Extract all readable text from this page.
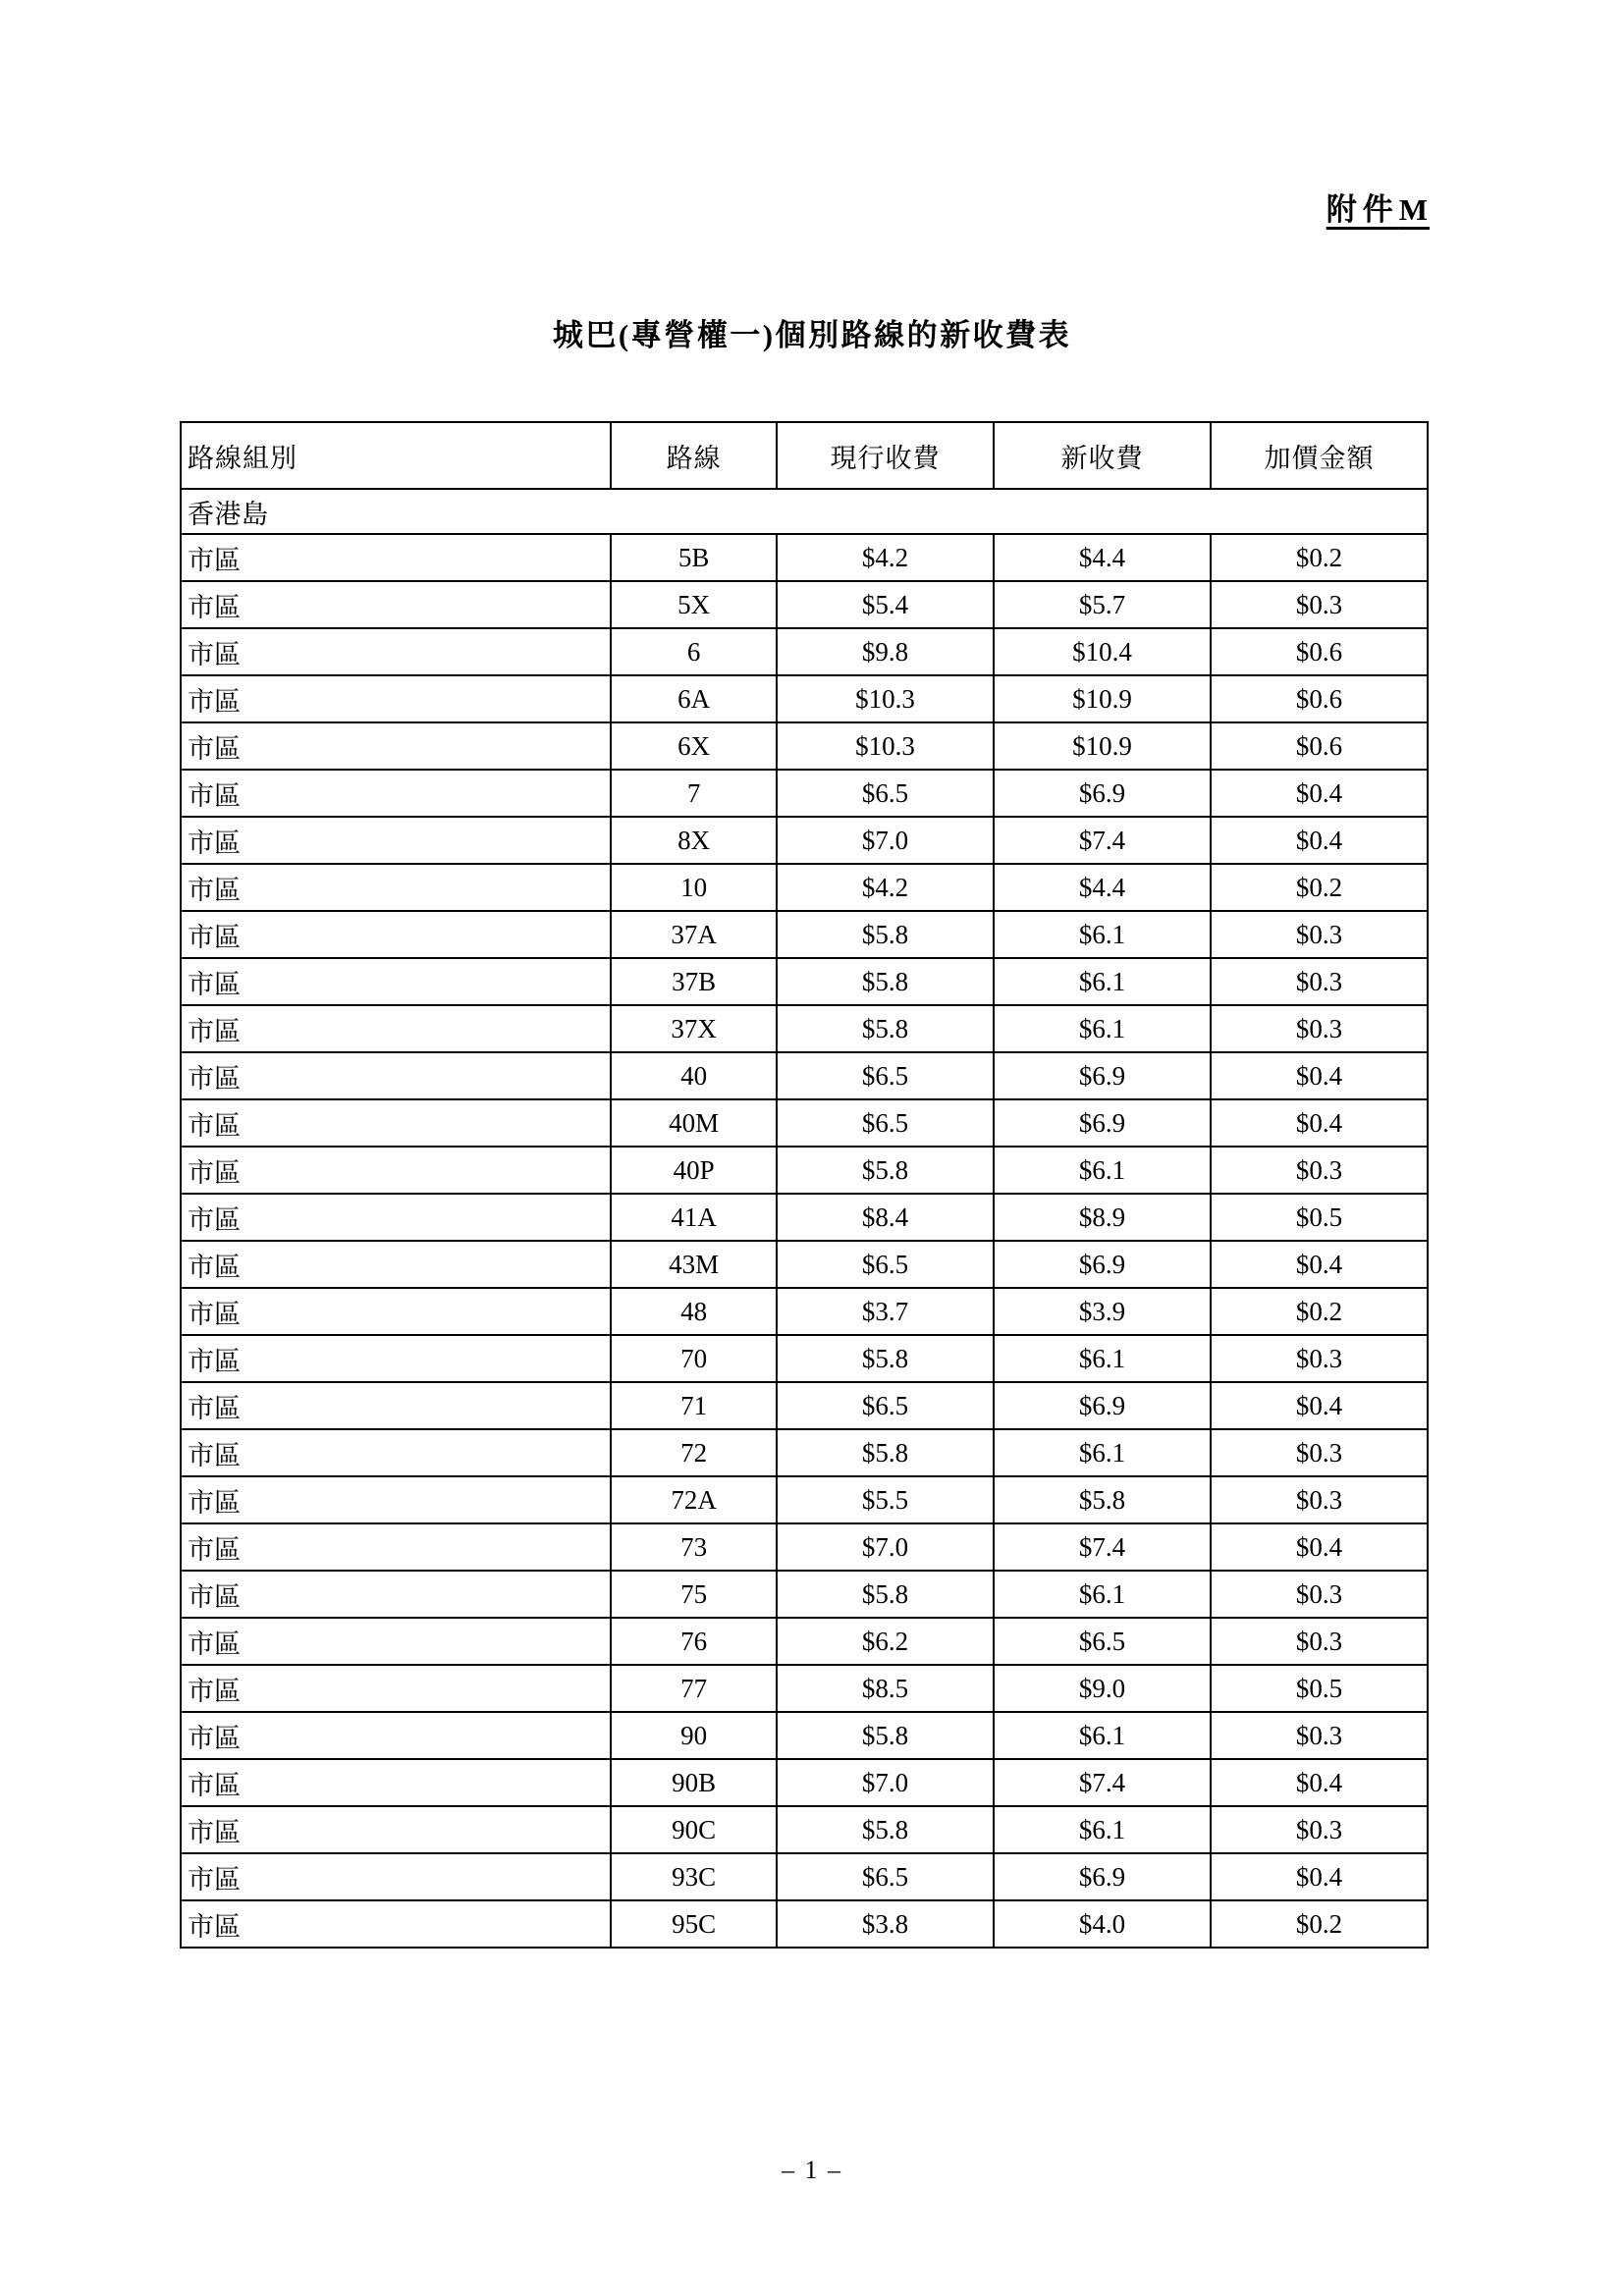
附件M
城巴(專營權一)個別路線的新收費表
路線組別	路線	現行收費	新收費	加價金額
香港島				
市區	5B	$4.2	$4.4	$0.2
市區	5X	$5.4	$5.7	$0.3
市區	6	$9.8	$10.4	$0.6
市區	6A	$10.3	$10.9	$0.6
市區	6X	$10.3	$10.9	$0.6
市區	7	$6.5	$6.9	$0.4
市區	8X	$7.0	$7.4	$0.4
市區	10	$4.2	$4.4	$0.2
市區	37A	$5.8	$6.1	$0.3
市區	37B	$5.8	$6.1	$0.3
市區	37X	$5.8	$6.1	$0.3
市區	40	$6.5	$6.9	$0.4
市區	40M	$6.5	$6.9	$0.4
市區	40P	$5.8	$6.1	$0.3
市區	41A	$8.4	$8.9	$0.5
市區	43M	$6.5	$6.9	$0.4
市區	48	$3.7	$3.9	$0.2
市區	70	$5.8	$6.1	$0.3
市區	71	$6.5	$6.9	$0.4
市區	72	$5.8	$6.1	$0.3
市區	72A	$5.5	$5.8	$0.3
市區	73	$7.0	$7.4	$0.4
市區	75	$5.8	$6.1	$0.3
市區	76	$6.2	$6.5	$0.3
市區	77	$8.5	$9.0	$0.5
市區	90	$5.8	$6.1	$0.3
市區	90B	$7.0	$7.4	$0.4
市區	90C	$5.8	$6.1	$0.3
市區	93C	$6.5	$6.9	$0.4
市區	95C	$3.8	$4.0	$0.2
– 1 –
